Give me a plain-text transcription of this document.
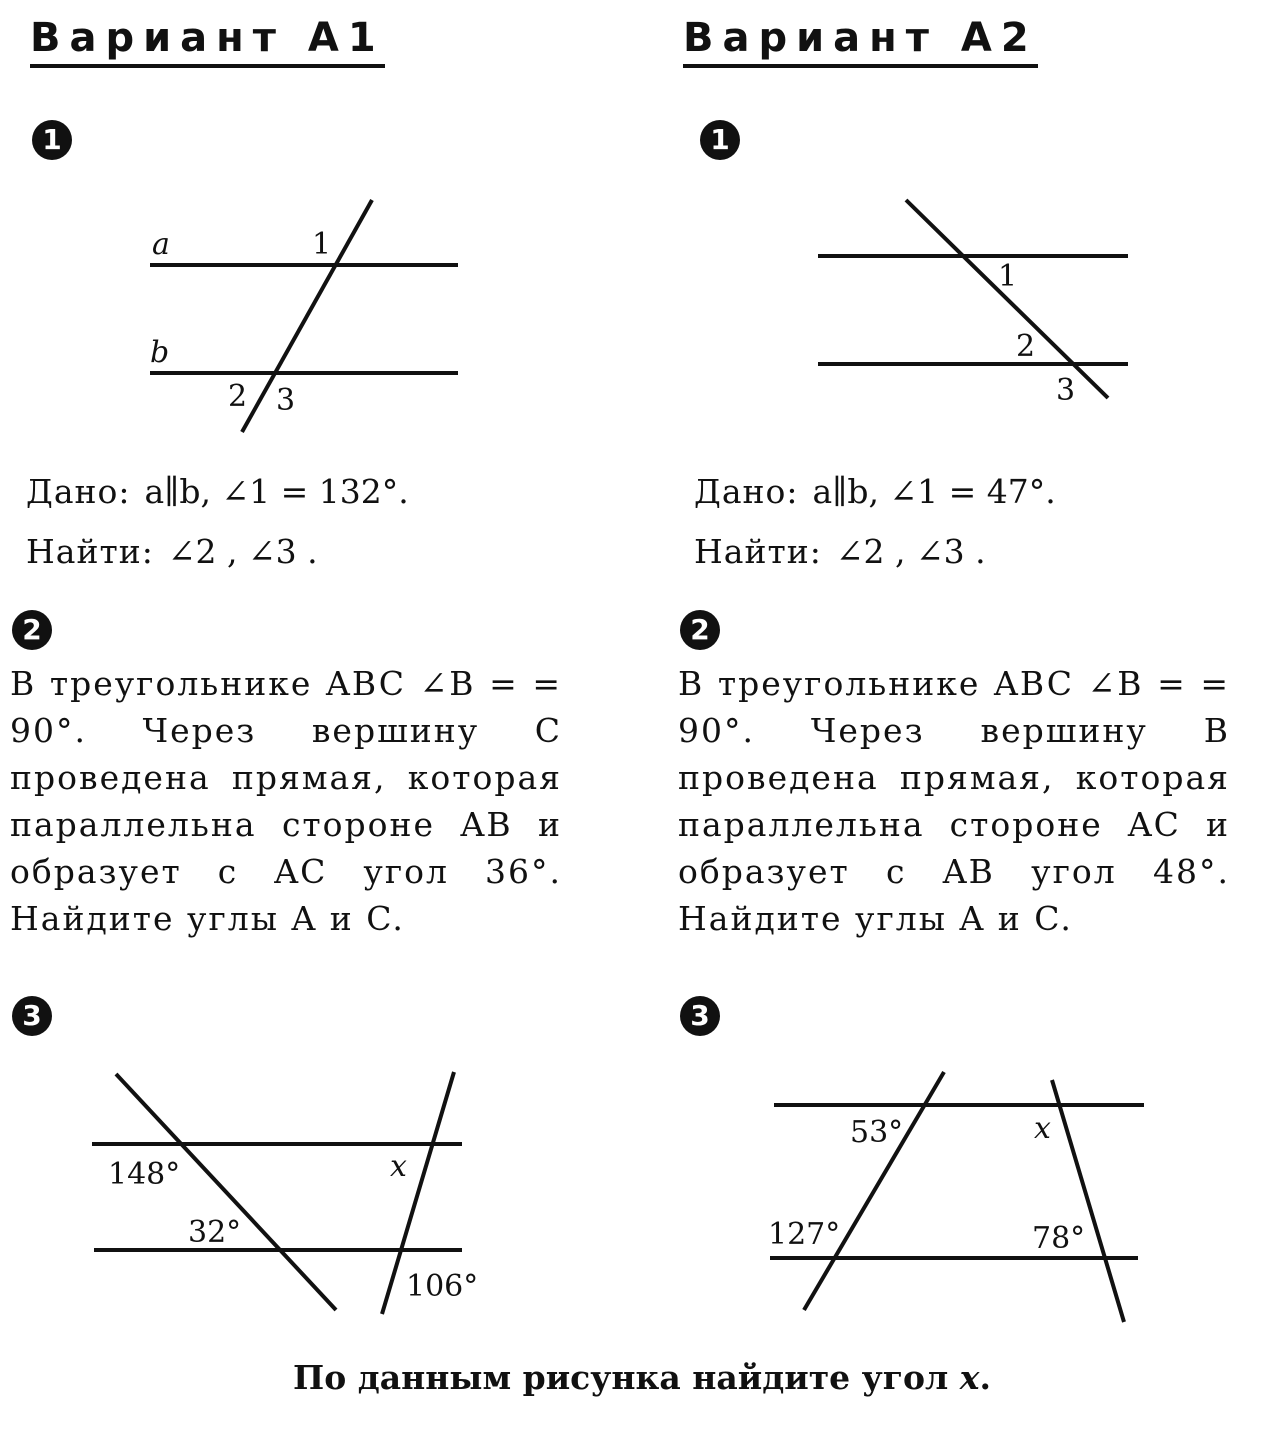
Вариант А1
1
a
b
1
2 3
Дано: a∥b, ∠1 = 132°.
Найти: ∠2 , ∠3 .
2
В треугольнике ABC ∠B = = 90°. Через вершину C проведена прямая, которая параллельна стороне AB и образует с AC угол 36°. Найдите углы A и C.
3
148°
32°
x
106°
Вариант А2
1
1
2
3
Дано: a∥b, ∠1 = 47°.
Найти: ∠2 , ∠3 .
2
В треугольнике ABC ∠B = = 90°. Через вершину B проведена прямая, которая параллельна стороне AC и образует с AB угол 48°. Найдите углы A и C.
3
53°	x
127°	78°
По данным рисунка найдите угол x.
